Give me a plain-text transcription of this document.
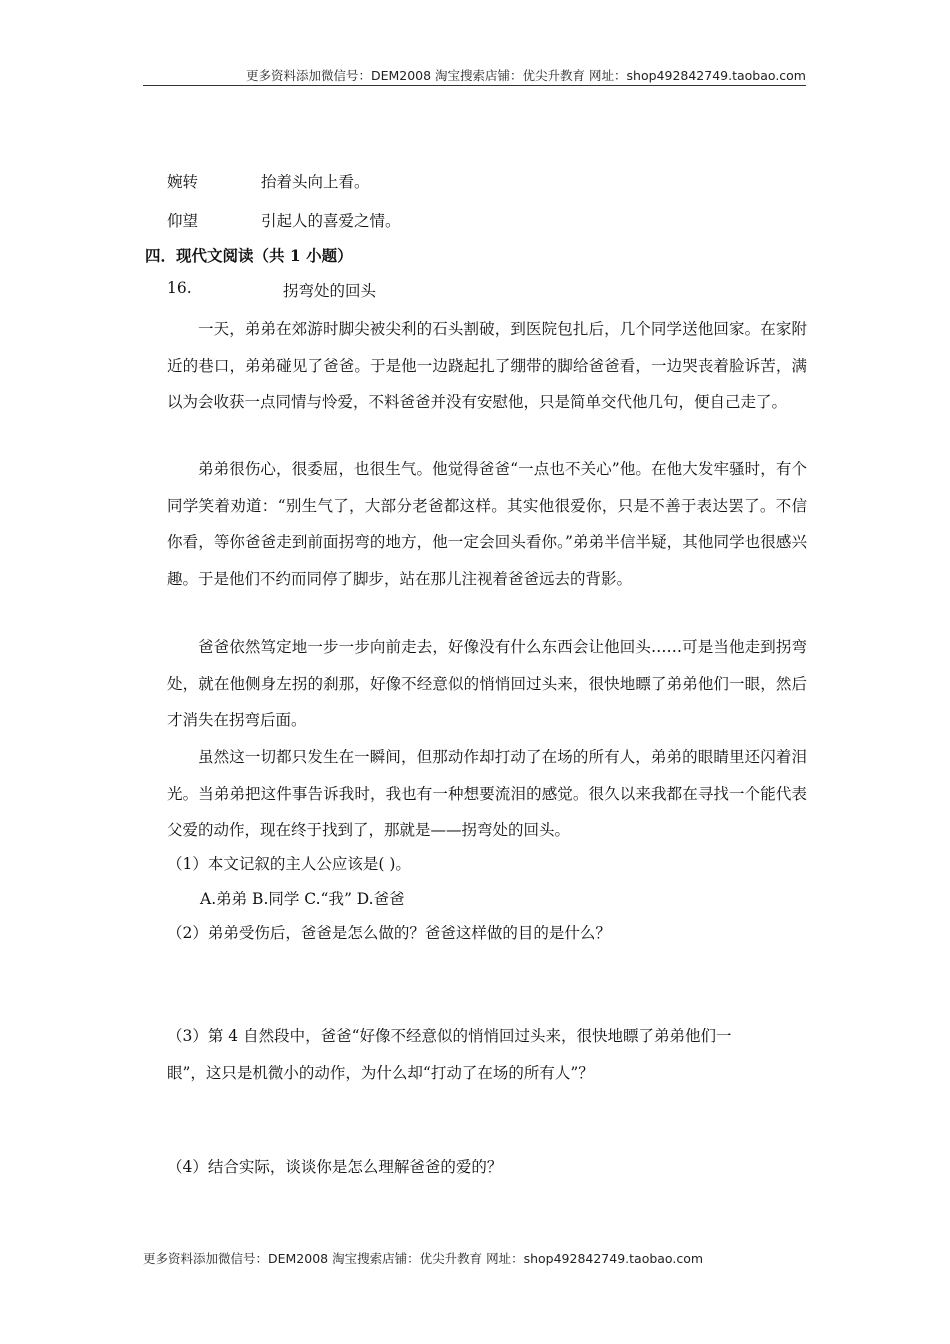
更多资料添加微信号：DEM2008 淘宝搜索店铺：优尖升教育 网址：shop492842749.taobao.com
婉转	抬着头向上看。
仰望	引起人的喜爱之情。
四．现代文阅读（共 1 小题）
16.	拐弯处的回头
一天，弟弟在郊游时脚尖被尖利的石头割破，到医院包扎后，几个同学送他回家。在家附近的巷口，弟弟碰见了爸爸。于是他一边跷起扎了绷带的脚给爸爸看，一边哭丧着脸诉苦，满以为会收获一点同情与怜爱，不料爸爸并没有安慰他，只是简单交代他几句，便自己走了。
弟弟很伤心，很委屈，也很生气。他觉得爸爸“一点也不关心”他。在他大发牢骚时，有个同学笑着劝道：“别生气了，大部分老爸都这样。其实他很爱你，只是不善于表达罢了。不信你看，等你爸爸走到前面拐弯的地方，他一定会回头看你。”弟弟半信半疑，其他同学也很感兴趣。于是他们不约而同停了脚步，站在那儿注视着爸爸远去的背影。
爸爸依然笃定地一步一步向前走去，好像没有什么东西会让他回头……可是当他走到拐弯处，就在他侧身左拐的刹那，好像不经意似的悄悄回过头来，很快地瞟了弟弟他们一眼，然后才消失在拐弯后面。
虽然这一切都只发生在一瞬间，但那动作却打动了在场的所有人，弟弟的眼睛里还闪着泪光。当弟弟把这件事告诉我时，我也有一种想要流泪的感觉。很久以来我都在寻找一个能代表父爱的动作，现在终于找到了，那就是——拐弯处的回头。
（1）本文记叙的主人公应该是( )。
A.弟弟 B.同学 C.“我” D.爸爸
（2）弟弟受伤后，爸爸是怎么做的？爸爸这样做的目的是什么？
（3）第 4 自然段中，爸爸“好像不经意似的悄悄回过头来，很快地瞟了弟弟他们一
眼”，这只是机微小的动作，为什么却“打动了在场的所有人”？
（4）结合实际，谈谈你是怎么理解爸爸的爱的？
更多资料添加微信号：DEM2008 淘宝搜索店铺：优尖升教育 网址：shop492842749.taobao.com
